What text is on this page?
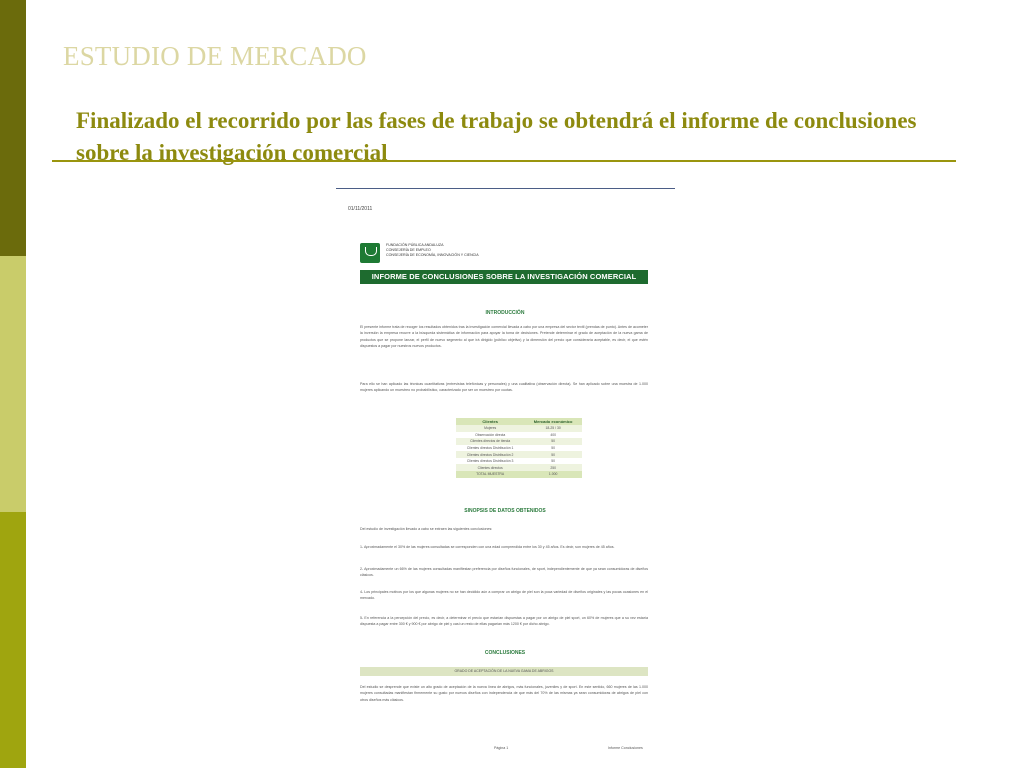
ESTUDIO DE MERCADO
Finalizado el recorrido por las fases de trabajo se obtendrá el informe de conclusiones sobre la investigación comercial
01/11/2011
FUNDACIÓN PÚBLICA ANDALUZA
CONSEJERÍA DE EMPLEO
CONSEJERÍA DE ECONOMÍA, INNOVACIÓN Y CIENCIA
INFORME DE CONCLUSIONES SOBRE LA INVESTIGACIÓN COMERCIAL
INTRODUCCIÓN
El presente informe trata de recoger los resultados obtenidos tras la investigación comercial llevada a cabo por una empresa del sector textil (prendas de punto). Antes de acometer la inversión la empresa recurre a la búsqueda sistemática de información para apoyar la toma de decisiones. Pretende determinar el grado de aceptación de la nueva gama de productos que se propone lanzar, el perfil de nuevo segmento al que irá dirigido (público objetivo) y la dimensión del precio que consideraría aceptable, es decir, el que estén dispuestos a pagar por nuestros nuevos productos.
Para ello se han aplicado las técnicas cuantitativas (entrevistas telefónicas y personales) y una cualitativa (observación directa). Se han aplicado sobre una muestra de 1.000 mujeres aplicando un muestreo no probabilístico, caracterizado por ser un muestreo por cuotas.
Clientes	Mercado económico
Mujeres	18-25 / 30
Observación directa	400
Clientes directos de tienda	50
Clientes directos Distribución 1	50
Clientes directos Distribución 2	50
Clientes directos Distribución 3	50
Clientes directos	250
TOTAL MUESTRA	1.000
SINOPSIS DE DATOS OBTENIDOS
Del estudio de investigación llevado a cabo se extraen las siguientes conclusiones:
1- Aproximadamente el 30% de las mujeres consultadas se corresponden con una edad comprendida entre los 30 y 45 años. Es decir, son mujeres de 45 años.
2- Aproximadamente un 66% de las mujeres consultadas manifiestan preferencia por diseños funcionales, de sport, independientemente de que ya sean consumidoras de diseños clásicos.
4- Los principales motivos por los que algunas mujeres no se han decidido aún a comprar un abrigo de piel son la poca variedad de diseños originales y las pocas ocasiones en el mercado.
5- En referencia a la percepción del precio, es decir, a determinar el precio que estarían dispuestas a pagar por un abrigo de piel sport, un 60% de mujeres que a su vez estaría dispuesta a pagar entre 300 € y 900 € por abrigo de piel y casi un resto de ellas pagarían más 1200 € por dicho abrigo.
CONCLUSIONES
GRADO DE ACEPTACIÓN DE LA NUEVA GAMA DE ABRIGOS
Del estudio se desprende que existe un alto grado de aceptación de la nueva línea de abrigos, más funcionales, juveniles y de sport. En este sentido, 660 mujeres de las 1.000 mujeres consultadas manifiestan firmemente su gusto por nuevos diseños con independencia de que más del 70% de las mismas ya sean consumidoras de abrigos de piel con otros diseños más clásicos.
Página 1	Informe Conclusiones
